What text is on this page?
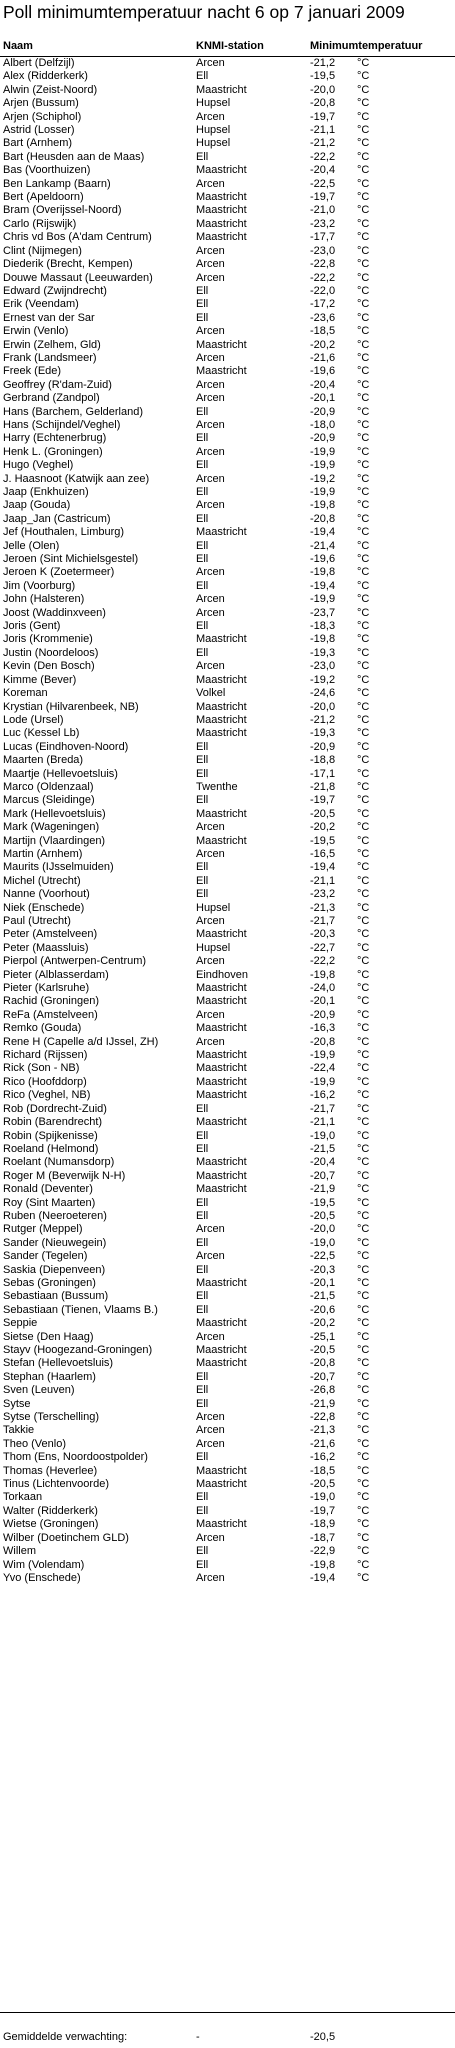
Poll minimumtemperatuur nacht 6 op 7 januari 2009
Naam	KNMI-station	Minimumtemperatuur
Albert (Delfzijl)	Arcen	-21,2 °C
Alex (Ridderkerk)	Ell	-19,5 °C
Alwin (Zeist-Noord)	Maastricht	-20,0 °C
Arjen (Bussum)	Hupsel	-20,8 °C
Arjen (Schiphol)	Arcen	-19,7 °C
Astrid (Losser)	Hupsel	-21,1 °C
Bart (Arnhem)	Hupsel	-21,2 °C
Bart (Heusden aan de Maas)	Ell	-22,2 °C
Bas (Voorthuizen)	Maastricht	-20,4 °C
Ben Lankamp (Baarn)	Arcen	-22,5 °C
Bert (Apeldoorn)	Maastricht	-19,7 °C
Bram (Overijssel-Noord)	Maastricht	-21,0 °C
Carlo (Rijswijk)	Maastricht	-23,2 °C
Chris vd Bos (A'dam Centrum)	Maastricht	-17,7 °C
Clint (Nijmegen)	Arcen	-23,0 °C
Diederik (Brecht, Kempen)	Arcen	-22,8 °C
Douwe Massaut (Leeuwarden)	Arcen	-22,2 °C
Edward (Zwijndrecht)	Ell	-22,0 °C
Erik (Veendam)	Ell	-17,2 °C
Ernest van der Sar	Ell	-23,6 °C
Erwin (Venlo)	Arcen	-18,5 °C
Erwin (Zelhem, Gld)	Maastricht	-20,2 °C
Frank (Landsmeer)	Arcen	-21,6 °C
Freek (Ede)	Maastricht	-19,6 °C
Geoffrey (R'dam-Zuid)	Arcen	-20,4 °C
Gerbrand (Zandpol)	Arcen	-20,1 °C
Hans (Barchem, Gelderland)	Ell	-20,9 °C
Hans (Schijndel/Veghel)	Arcen	-18,0 °C
Harry (Echtenerbrug)	Ell	-20,9 °C
Henk L. (Groningen)	Arcen	-19,9 °C
Hugo (Veghel)	Ell	-19,9 °C
J. Haasnoot (Katwijk aan zee)	Arcen	-19,2 °C
Jaap (Enkhuizen)	Ell	-19,9 °C
Jaap (Gouda)	Arcen	-19,8 °C
Jaap_Jan (Castricum)	Ell	-20,8 °C
Jef (Houthalen, Limburg)	Maastricht	-19,4 °C
Jelle (Olen)	Ell	-21,4 °C
Jeroen (Sint Michielsgestel)	Ell	-19,6 °C
Jeroen K (Zoetermeer)	Arcen	-19,8 °C
Jim (Voorburg)	Ell	-19,4 °C
John (Halsteren)	Arcen	-19,9 °C
Joost (Waddinxveen)	Arcen	-23,7 °C
Joris (Gent)	Ell	-18,3 °C
Joris (Krommenie)	Maastricht	-19,8 °C
Justin (Noordeloos)	Ell	-19,3 °C
Kevin (Den Bosch)	Arcen	-23,0 °C
Kimme (Bever)	Maastricht	-19,2 °C
Koreman	Volkel	-24,6 °C
Krystian (Hilvarenbeek, NB)	Maastricht	-20,0 °C
Lode (Ursel)	Maastricht	-21,2 °C
Luc (Kessel Lb)	Maastricht	-19,3 °C
Lucas (Eindhoven-Noord)	Ell	-20,9 °C
Maarten (Breda)	Ell	-18,8 °C
Maartje (Hellevoetsluis)	Ell	-17,1 °C
Marco (Oldenzaal)	Twenthe	-21,8 °C
Marcus (Sleidinge)	Ell	-19,7 °C
Mark (Hellevoetsluis)	Maastricht	-20,5 °C
Mark (Wageningen)	Arcen	-20,2 °C
Martijn (Vlaardingen)	Maastricht	-19,5 °C
Martin (Arnhem)	Arcen	-16,5 °C
Maurits (IJsselmuiden)	Ell	-19,4 °C
Michel (Utrecht)	Ell	-21,1 °C
Nanne (Voorhout)	Ell	-23,2 °C
Niek (Enschede)	Hupsel	-21,3 °C
Paul (Utrecht)	Arcen	-21,7 °C
Peter (Amstelveen)	Maastricht	-20,3 °C
Peter (Maassluis)	Hupsel	-22,7 °C
Pierpol (Antwerpen-Centrum)	Arcen	-22,2 °C
Pieter (Alblasserdam)	Eindhoven	-19,8 °C
Pieter (Karlsruhe)	Maastricht	-24,0 °C
Rachid (Groningen)	Maastricht	-20,1 °C
ReFa (Amstelveen)	Arcen	-20,9 °C
Remko (Gouda)	Maastricht	-16,3 °C
Rene H (Capelle a/d IJssel, ZH)	Arcen	-20,8 °C
Richard (Rijssen)	Maastricht	-19,9 °C
Rick (Son - NB)	Maastricht	-22,4 °C
Rico (Hoofddorp)	Maastricht	-19,9 °C
Rico (Veghel, NB)	Maastricht	-16,2 °C
Rob (Dordrecht-Zuid)	Ell	-21,7 °C
Robin (Barendrecht)	Maastricht	-21,1 °C
Robin (Spijkenisse)	Ell	-19,0 °C
Roeland (Helmond)	Ell	-21,5 °C
Roelant (Numansdorp)	Maastricht	-20,4 °C
Roger M (Beverwijk N-H)	Maastricht	-20,7 °C
Ronald (Deventer)	Maastricht	-21,9 °C
Roy (Sint Maarten)	Ell	-19,5 °C
Ruben (Neeroeteren)	Ell	-20,5 °C
Rutger (Meppel)	Arcen	-20,0 °C
Sander (Nieuwegein)	Ell	-19,0 °C
Sander (Tegelen)	Arcen	-22,5 °C
Saskia (Diepenveen)	Ell	-20,3 °C
Sebas (Groningen)	Maastricht	-20,1 °C
Sebastiaan (Bussum)	Ell	-21,5 °C
Sebastiaan (Tienen, Vlaams B.)	Ell	-20,6 °C
Seppie	Maastricht	-20,2 °C
Sietse (Den Haag)	Arcen	-25,1 °C
Stayv (Hoogezand-Groningen)	Maastricht	-20,5 °C
Stefan (Hellevoetsluis)	Maastricht	-20,8 °C
Stephan (Haarlem)	Ell	-20,7 °C
Sven (Leuven)	Ell	-26,8 °C
Sytse	Ell	-21,9 °C
Sytse (Terschelling)	Arcen	-22,8 °C
Takkie	Arcen	-21,3 °C
Theo (Venlo)	Arcen	-21,6 °C
Thom (Ens, Noordoostpolder)	Ell	-16,2 °C
Thomas (Heverlee)	Maastricht	-18,5 °C
Tinus (Lichtenvoorde)	Maastricht	-20,5 °C
Torkaan	Ell	-19,0 °C
Walter (Ridderkerk)	Ell	-19,7 °C
Wietse (Groningen)	Maastricht	-18,9 °C
Wilber (Doetinchem GLD)	Arcen	-18,7 °C
Willem	Ell	-22,9 °C
Wim (Volendam)	Ell	-19,8 °C
Yvo (Enschede)	Arcen	-19,4 °C
Gemiddelde verwachting:	-	-20,5
